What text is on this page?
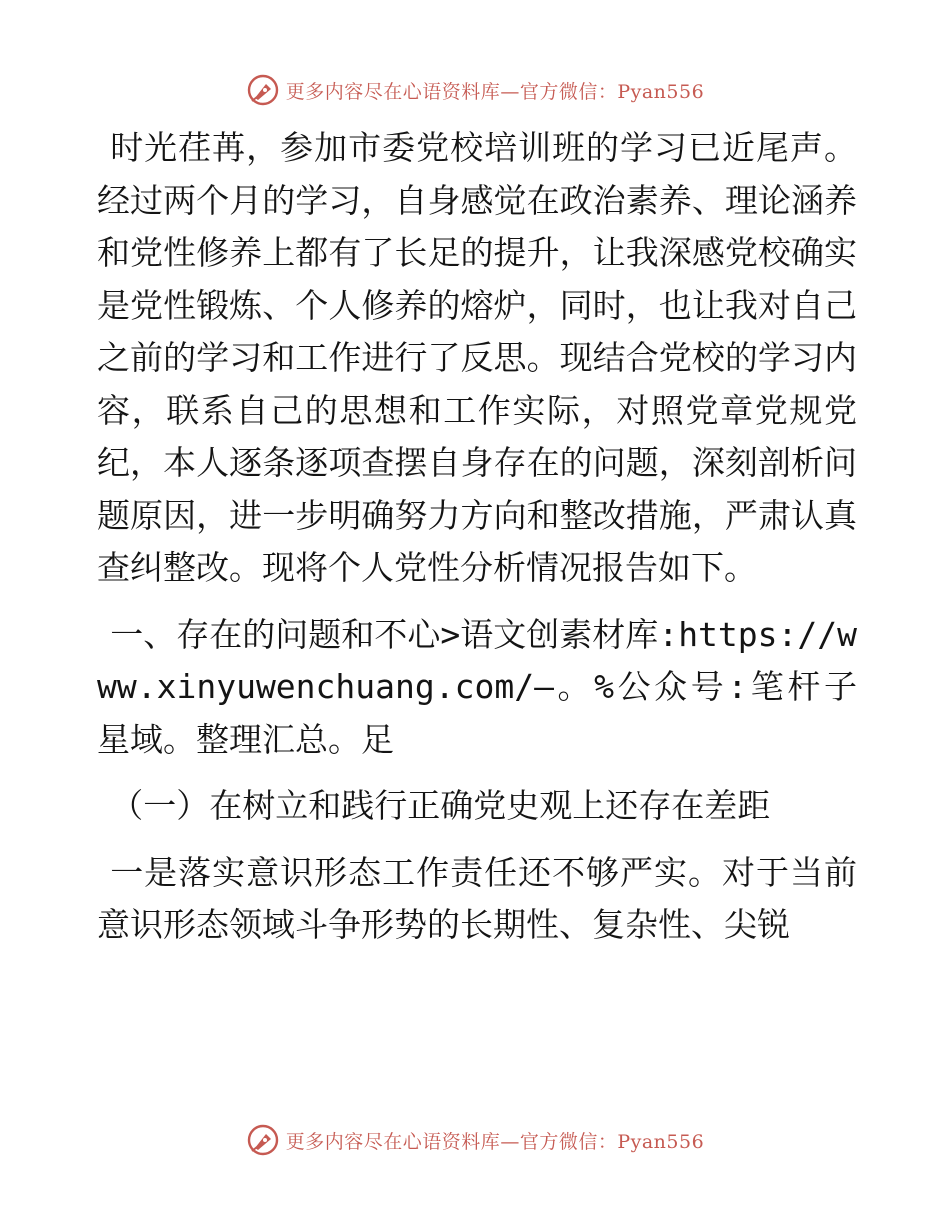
更多内容尽在心语资料库—官方微信：Pyan556

时光荏苒，参加市委党校培训班的学习已近尾声。经过两个月的学习，自身感觉在政治素养、理论涵养和党性修养上都有了长足的提升，让我深感党校确实是党性锻炼、个人修养的熔炉，同时，也让我对自己之前的学习和工作进行了反思。现结合党校的学习内容，联系自己的思想和工作实际，对照党章党规党纪，本人逐条逐项查摆自身存在的问题，深刻剖析问题原因，进一步明确努力方向和整改措施，严肃认真查纠整改。现将个人党性分析情况报告如下。

一、存在的问题和不心>语文创素材库:https://www.xinyuwenchuang.com/—。%公众号:笔杆子星域。整理汇总。足

（一）在树立和践行正确党史观上还存在差距

一是落实意识形态工作责任还不够严实。对于当前意识形态领域斗争形势的长期性、复杂性、尖锐

更多内容尽在心语资料库—官方微信：Pyan556
